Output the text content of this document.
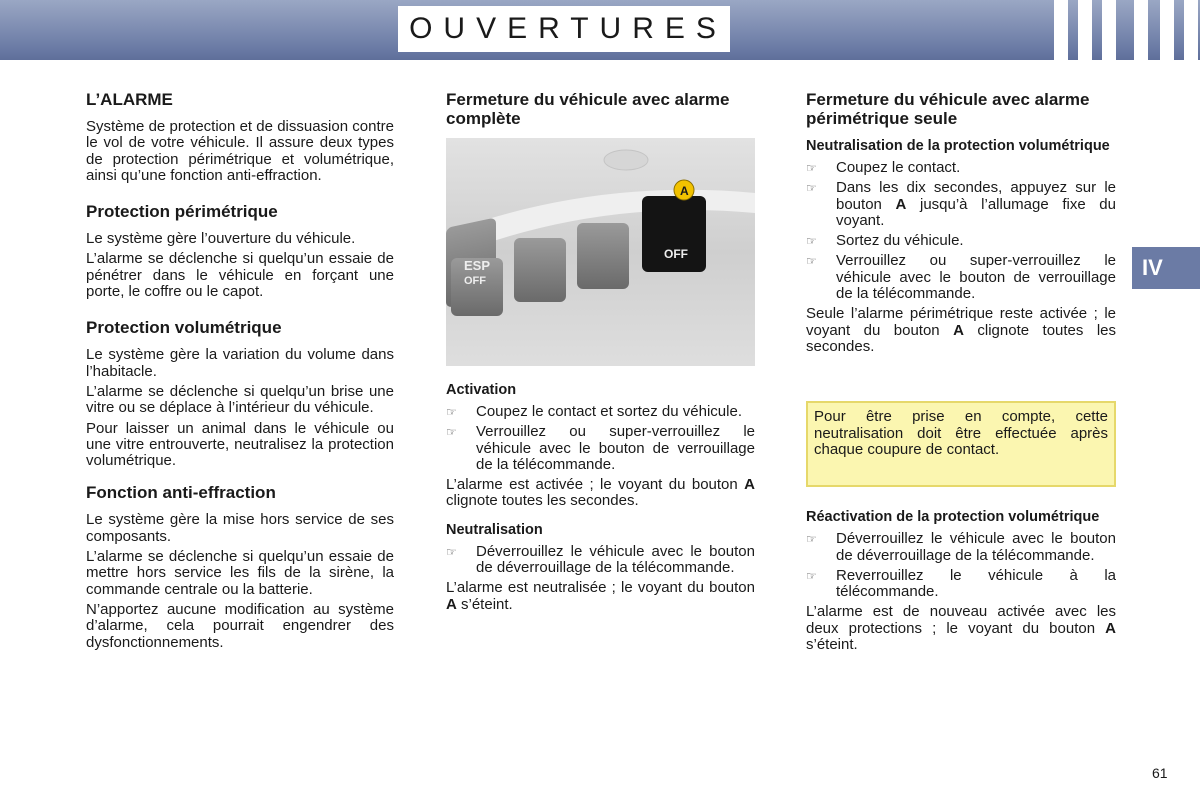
OUVERTURES
IV
L’ALARME

Système de protection et de dissuasion contre le vol de votre véhicule. Il assure deux types de protection périmétrique et volumétrique, ainsi qu’une fonction anti-effraction.

Protection périmétrique

Le système gère l’ouverture du véhicule.

L’alarme se déclenche si quelqu’un essaie de pénétrer dans le véhicule en forçant une porte, le coffre ou le capot.

Protection volumétrique

Le système gère la variation du volume dans l’habitacle.

L’alarme se déclenche si quelqu’un brise une vitre ou se déplace à l’intérieur du véhicule.

Pour laisser un animal dans le véhicule ou une vitre entrouverte, neutralisez la protection volumétrique.

Fonction anti-effraction

Le système gère la mise hors service de ses composants.

L’alarme se déclenche si quelqu’un essaie de mettre hors service les fils de la sirène, la commande centrale ou la batterie.

N’apportez aucune modification au système d’alarme, cela pourrait engendrer des dysfonctionnements.

Fermeture du véhicule avec alarme complète
ESP
OFF
OFF
A
Activation
☞ Coupez le contact et sortez du véhicule.
☞ Verrouillez ou super-verrouillez le véhicule avec le bouton de verrouillage de la télécommande.

L’alarme est activée ; le voyant du bouton A clignote toutes les secondes.

Neutralisation
☞ Déverrouillez le véhicule avec le bouton de déverrouillage de la télécommande.

L’alarme est neutralisée ; le voyant du bouton A s’éteint.

Fermeture du véhicule avec alarme périmétrique seule
Neutralisation de la protection volumétrique
☞ Coupez le contact.
☞ Dans les dix secondes, appuyez sur le bouton A jusqu’à l’allumage fixe du voyant.
☞ Sortez du véhicule.
☞ Verrouillez ou super-verrouillez le véhicule avec le bouton de verrouillage de la télécommande.

Seule l’alarme périmétrique reste activée ; le voyant du bouton A clignote toutes les secondes.

Pour être prise en compte, cette neutralisation doit être effectuée après chaque coupure de contact.

Réactivation de la protection volumétrique
☞ Déverrouillez le véhicule avec le bouton de déverrouillage de la télécommande.
☞ Reverrouillez le véhicule à la télécommande.

L’alarme est de nouveau activée avec les deux protections ; le voyant du bouton A s’éteint.

61
